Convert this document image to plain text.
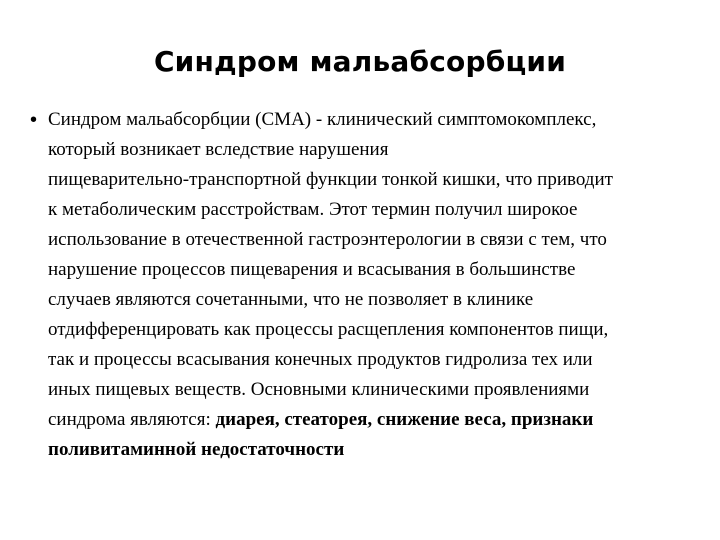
Синдром мальабсорбции
• Синдром мальабсорбции (СМА) - клинический симптомокомплекс,
который возникает вследствие нарушения
пищеварительно-транспортной функции тонкой кишки, что приводит
к метаболическим расстройствам. Этот термин получил широкое
использование в отечественной гастроэнтерологии в связи с тем, что
нарушение процессов пищеварения и всасывания в большинстве
случаев являются сочетанными, что не позволяет в клинике
отдифференцировать как процессы расщепления компонентов пищи,
так и процессы всасывания конечных продуктов гидролиза тех или
иных пищевых веществ. Основными клиническими проявлениями
синдрома являются: диарея, стеаторея, снижение веса, признаки
поливитаминной недостаточности
